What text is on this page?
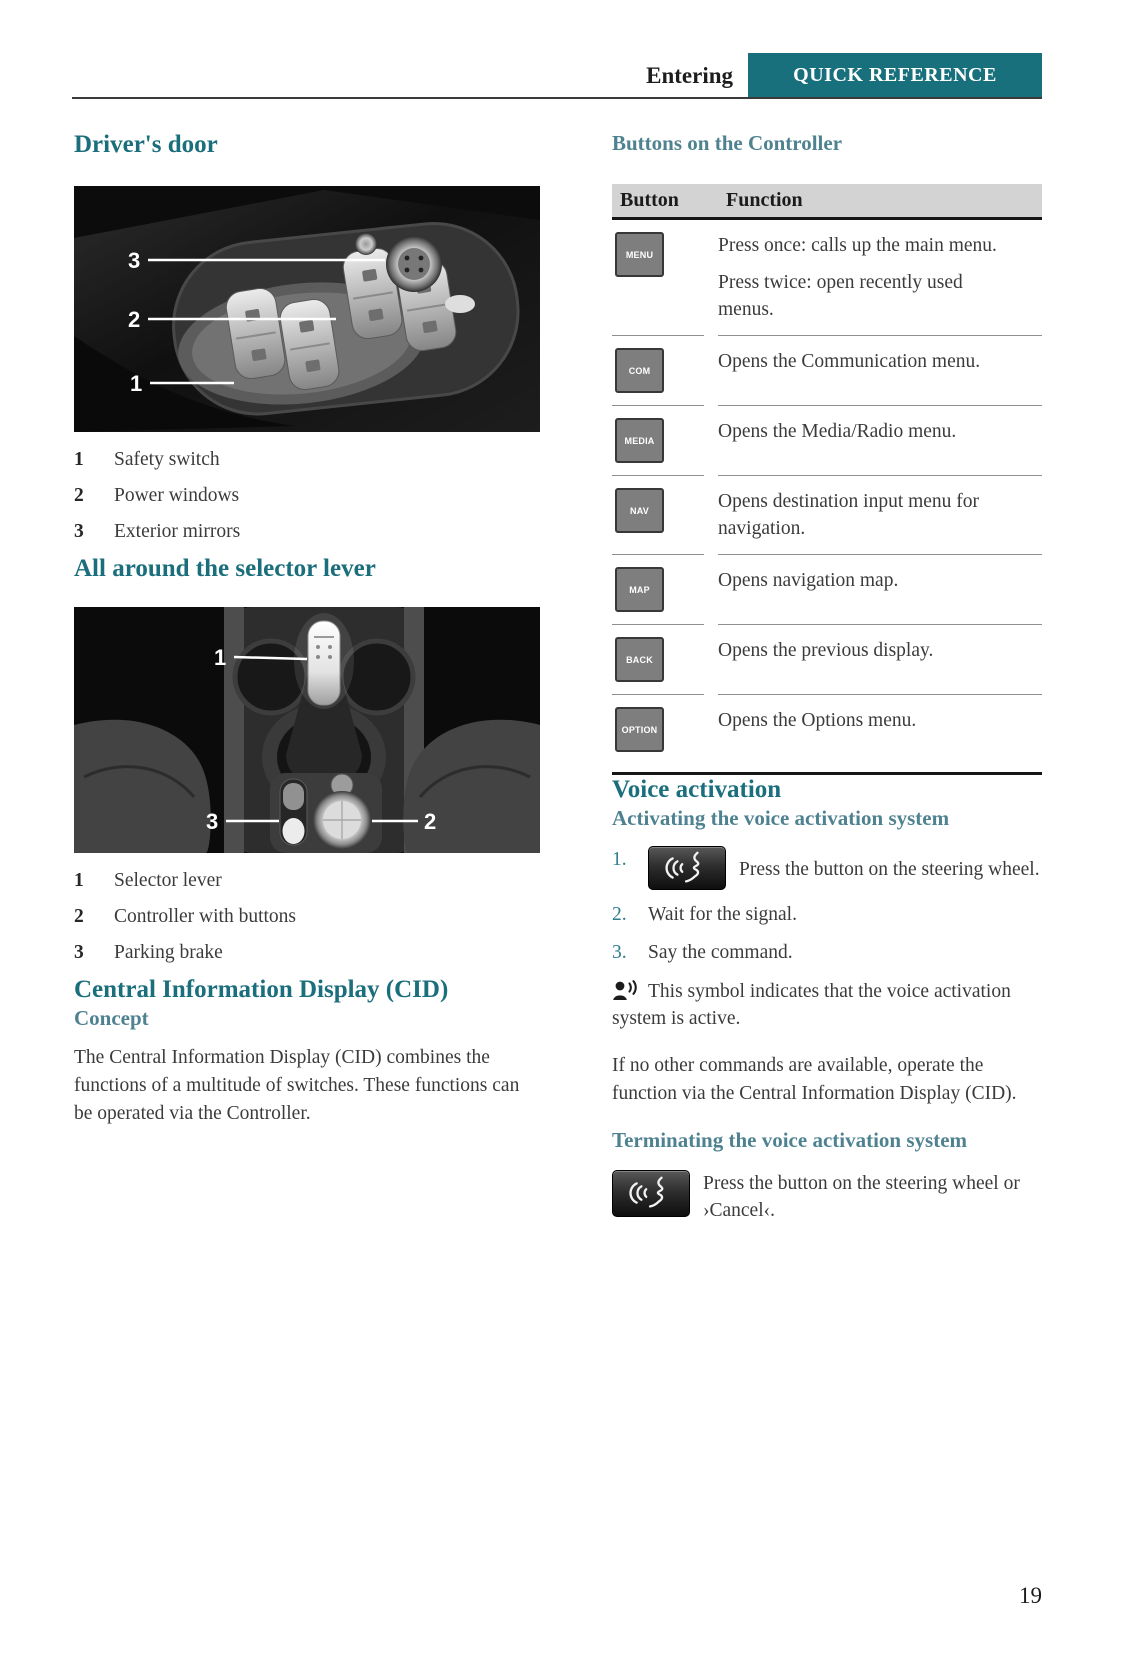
Entering	QUICK REFERENCE
Driver's door
3
2
1
1	Safety switch
2	Power windows
3	Exterior mirrors
All around the selector lever
1
3	2
1	Selector lever
2	Controller with buttons
3	Parking brake
Central Information Display (CID)
Concept

The Central Information Display (CID) combines the functions of a multitude of switches. These functions can be operated via the Controller.

Buttons on the Controller
Button	Function
MENU	Press once: calls up the main menu.

Press twice: open recently used menus.

COM	Opens the Communication menu.

MEDIA	Opens the Media/Radio menu.

NAV	Opens destination input menu for navigation.

MAP	Opens navigation map.

BACK	Opens the previous display.

OPTION	Opens the Options menu.

Voice activation
Activating the voice activation system
1.	Press the button on the steering wheel.
2.	Wait for the signal.
3.	Say the command.

This symbol indicates that the voice activation system is active.

If no other commands are available, operate the function via the Central Information Display (CID).

Terminating the voice activation system
Press the button on the steering wheel or ›Cancel‹.
19
